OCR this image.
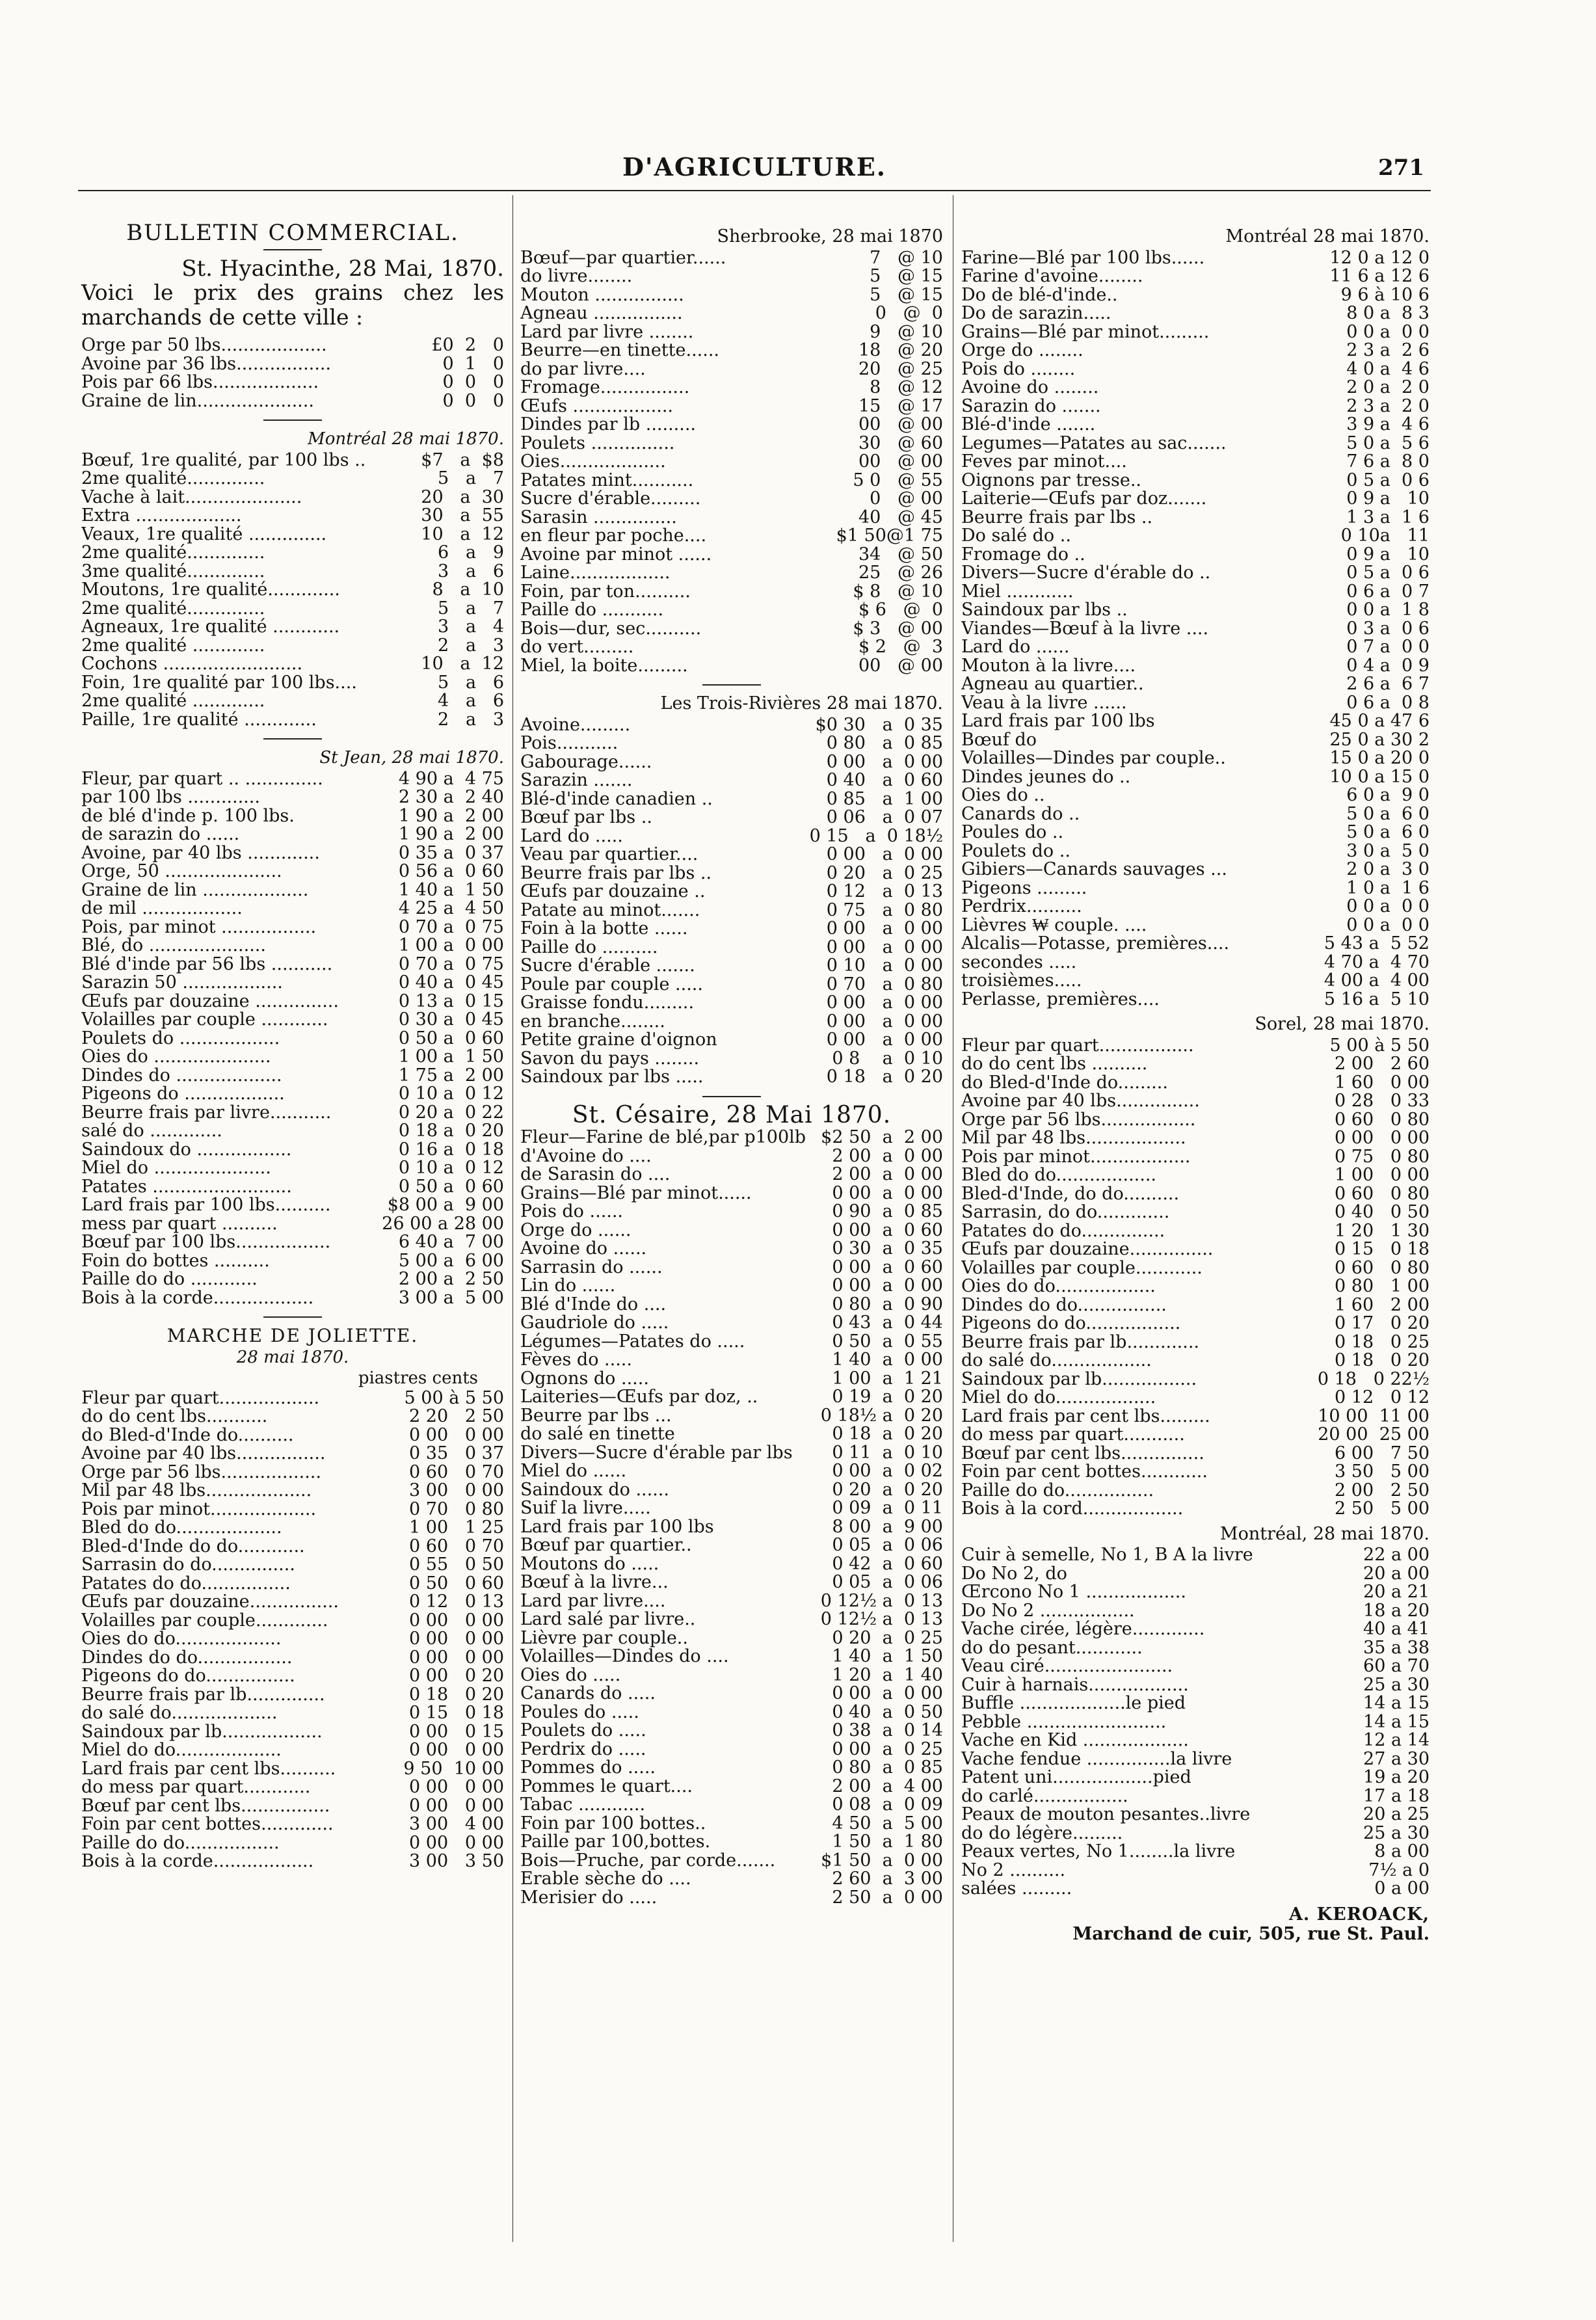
D'AGRICULTURE.	271
BULLETIN COMMERCIAL.
St. Hyacinthe, 28 Mai, 1870.
Voici le prix des grains chez les marchands de cette ville :
Orge par 50 lbs...................	£0  2   0
Avoine par 36 lbs.................	0  1   0
Pois par 66 lbs...................	0  0   0
Graine de lin.....................	0  0   0
Montréal 28 mai 1870.
Bœuf, 1re qualité, par 100 lbs ..	$7   a  $8
2me qualité..............	5   a   7
Vache à lait.....................	20   a  30
Extra ...................	30   a  55
Veaux, 1re qualité ..............	10   a  12
2me qualité..............	6   a   9
3me qualité..............	3   a   6
Moutons, 1re qualité.............	8   a  10
2me qualité..............	5   a   7
Agneaux, 1re qualité ............	3   a   4
2me qualité .............	2   a   3
Cochons .........................	10   a  12
Foin, 1re qualité par 100 lbs....	5   a   6
2me qualité .............	4   a   6
Paille, 1re qualité .............	2   a   3
St Jean, 28 mai 1870.
Fleur, par quart .. ..............	4 90 a  4 75
par 100 lbs .............	2 30 a  2 40
de blé d'inde p. 100 lbs.	1 90 a  2 00
de sarazin do ......	1 90 a  2 00
Avoine, par 40 lbs .............	0 35 a  0 37
Orge, 50 .....................	0 56 a  0 60
Graine de lin ...................	1 40 a  1 50
de mil ..................	4 25 a  4 50
Pois, par minot .................	0 70 a  0 75
Blé, do .....................	1 00 a  0 00
Blé d'inde par 56 lbs ...........	0 70 a  0 75
Sarazin 50 ..................	0 40 a  0 45
Œufs par douzaine ...............	0 13 a  0 15
Volailles par couple ............	0 30 a  0 45
Poulets do ..................	0 50 a  0 60
Oies do .....................	1 00 a  1 50
Dindes do ...................	1 75 a  2 00
Pigeons do ..................	0 10 a  0 12
Beurre frais par livre...........	0 20 a  0 22
salé do .............	0 18 a  0 20
Saindoux do .................	0 16 a  0 18
Miel do .....................	0 10 a  0 12
Patates .........................	0 50 a  0 60
Lard frais par 100 lbs..........	$8 00 a  9 00
mess par quart ..........	26 00 a 28 00
Bœuf par 100 lbs.................	6 40 a  7 00
Foin do bottes ..........	5 00 a  6 00
Paille do do ............	2 00 a  2 50
Bois à la corde..................	3 00 a  5 00
MARCHE DE JOLIETTE.
28 mai 1870.
piastres cents
Fleur par quart..................	5 00 à 5 50
do do cent lbs...........	2 20   2 50
do Bled-d'Inde do..........	0 00   0 00
Avoine par 40 lbs................	0 35   0 37
Orge par 56 lbs..................	0 60   0 70
Mil par 48 lbs...................	3 00   0 00
Pois par minot...................	0 70   0 80
Bled do do...................	1 00   1 25
Bled-d'Inde do do............	0 60   0 70
Sarrasin do do...............	0 55   0 50
Patates do do................	0 50   0 60
Œufs par douzaine................	0 12   0 13
Volailles par couple.............	0 00   0 00
Oies do do...................	0 00   0 00
Dindes do do.................	0 00   0 00
Pigeons do do................	0 00   0 20
Beurre frais par lb..............	0 18   0 20
do salé do...................	0 15   0 18
Saindoux par lb..................	0 00   0 15
Miel do do...................	0 00   0 00
Lard frais par cent lbs..........	9 50  10 00
do mess par quart............	0 00   0 00
Bœuf par cent lbs................	0 00   0 00
Foin par cent bottes.............	3 00   4 00
Paille do do.................	0 00   0 00
Bois à la corde..................	3 00   3 50
Sherbrooke, 28 mai 1870
Bœuf—par quartier......	7   @ 10
do livre........	5   @ 15
Mouton ................	5   @ 15
Agneau ................	0   @  0
Lard par livre ........	9   @ 10
Beurre—en tinette......	18   @ 20
do par livre....	20   @ 25
Fromage................	8   @ 12
Œufs ..................	15   @ 17
Dindes par lb .........	00   @ 00
Poulets ...............	30   @ 60
Oies...................	00   @ 00
Patates mint...........	5 0   @ 55
Sucre d'érable.........	0   @ 00
Sarasin ...............	40   @ 45
en fleur par poche....	$1 50@1 75
Avoine par minot ......	34   @ 50
Laine..................	25   @ 26
Foin, par ton..........	$ 8   @ 10
Paille do ...........	$ 6   @  0
Bois—dur, sec..........	$ 3   @ 00
do vert.........	$ 2   @  3
Miel, la boite.........	00   @ 00
Les Trois-Rivières 28 mai 1870.
Avoine.........	$0 30   a  0 35
Pois...........	0 80   a  0 85
Gabourage......	0 00   a  0 00
Sarazin .......	0 40   a  0 60
Blé-d'inde canadien ..	0 85   a  1 00
Bœuf par lbs ..	0 06   a  0 07
Lard do .....	0 15   a  0 18½
Veau par quartier....	0 00   a  0 00
Beurre frais par lbs ..	0 20   a  0 25
Œufs par douzaine ..	0 12   a  0 13
Patate au minot.......	0 75   a  0 80
Foin à la botte ......	0 00   a  0 00
Paille do ..........	0 00   a  0 00
Sucre d'érable .......	0 10   a  0 00
Poule par couple .....	0 70   a  0 80
Graisse fondu.........	0 00   a  0 00
en branche........	0 00   a  0 00
Petite graine d'oignon	0 00   a  0 00
Savon du pays ........	0 8    a  0 10
Saindoux par lbs .....	0 18   a  0 20
St. Césaire, 28 Mai 1870.
Fleur—Farine de blé,par p100lb $2 50  a  2 00
d'Avoine do ....	2 00  a  0 00
de Sarasin do ....	2 00  a  0 00
Grains—Blé par minot......	0 00  a  0 00
Pois do ......	0 90  a  0 85
Orge do ......	0 00  a  0 60
Avoine do ......	0 30  a  0 35
Sarrasin do ......	0 00  a  0 60
Lin do ......	0 00  a  0 00
Blé d'Inde do ....	0 80  a  0 90
Gaudriole do .....	0 43  a  0 44
Légumes—Patates do .....	0 50  a  0 55
Fèves do .....	1 40  a  0 00
Ognons do .....	1 00  a  1 21
Laiteries—Œufs par doz, ..	0 19  a  0 20
Beurre par lbs ...	0 18½ a  0 20
do salé en tinette	0 18  a  0 20
Divers—Sucre d'érable par lbs	0 11  a  0 10
Miel do ......	0 00  a  0 02
Saindoux do ......	0 20  a  0 20
Suif la livre.....	0 09  a  0 11
Lard frais par 100 lbs	8 00  a  9 00
Bœuf par quartier..	0 05  a  0 06
Moutons do .....	0 42  a  0 60
Bœuf à la livre...	0 05  a  0 06
Lard par livre....	0 12½ a  0 13
Lard salé par livre..	0 12½ a  0 13
Lièvre par couple..	0 20  a  0 25
Volailles—Dindes do ....	1 40  a  1 50
Oies do .....	1 20  a  1 40
Canards do .....	0 00  a  0 00
Poules do .....	0 40  a  0 50
Poulets do .....	0 38  a  0 14
Perdrix do .....	0 00  a  0 25
Pommes do .....	0 80  a  0 85
Pommes le quart....	2 00  a  4 00
Tabac ............	0 08  a  0 09
Foin par 100 bottes..	4 50  a  5 00
Paille par 100,bottes.	1 50  a  1 80
Bois—Pruche, par corde.......	$1 50  a  0 00
Erable sèche do ....	2 60  a  3 00
Merisier do .....	2 50  a  0 00
Montréal 28 mai 1870.
Farine—Blé par 100 lbs......	12 0 a 12 0
Farine d'avoine........	11 6 a 12 6
Do de blé-d'inde..	9 6 à 10 6
Do de sarazin.....	8 0 a  8 3
Grains—Blé par minot.........	0 0 a  0 0
Orge do ........	2 3 a  2 6
Pois do ........	4 0 a  4 6
Avoine do ........	2 0 a  2 0
Sarazin do .......	2 3 a  2 0
Blé-d'inde .......	3 9 a  4 6
Legumes—Patates au sac.......	5 0 a  5 6
Feves par minot....	7 6 a  8 0
Oignons par tresse..	0 5 a  0 6
Laiterie—Œufs par doz.......	0 9 a   10
Beurre frais par lbs ..	1 3 a  1 6
Do salé do ..	0 10a   11
Fromage do ..	0 9 a   10
Divers—Sucre d'érable do ..	0 5 a  0 6
Miel ............	0 6 a  0 7
Saindoux par lbs ..	0 0 a  1 8
Viandes—Bœuf à la livre ....	0 3 a  0 6
Lard do ......	0 7 a  0 0
Mouton à la livre....	0 4 a  0 9
Agneau au quartier..	2 6 a  6 7
Veau à la livre ......	0 6 a  0 8
Lard frais par 100 lbs	45 0 a 47 6
Bœuf do	25 0 a 30 2
Volailles—Dindes par couple..	15 0 a 20 0
Dindes jeunes do ..	10 0 a 15 0
Oies do ..	6 0 a  9 0
Canards do ..	5 0 a  6 0
Poules do ..	5 0 a  6 0
Poulets do ..	3 0 a  5 0
Gibiers—Canards sauvages ...	2 0 a  3 0
Pigeons .........	1 0 a  1 6
Perdrix..........	0 0 a  0 0
Lièvres ₩ couple. ....	0 0 a  0 0
Alcalis—Potasse, premières....	5 43 a  5 52
secondes .....	4 70 a  4 70
troisièmes.....	4 00 a  4 00
Perlasse, premières....	5 16 a  5 10
Sorel, 28 mai 1870.
Fleur par quart.................	5 00 à 5 50
do do cent lbs ..........	2 00   2 60
do Bled-d'Inde do.........	1 60   0 00
Avoine par 40 lbs...............	0 28   0 33
Orge par 56 lbs.................	0 60   0 80
Mil par 48 lbs..................	0 00   0 00
Pois par minot..................	0 75   0 80
Bled do do..................	1 00   0 00
Bled-d'Inde, do do..........	0 60   0 80
Sarrasin, do do.............	0 40   0 50
Patates do do...............	1 20   1 30
Œufs par douzaine...............	0 15   0 18
Volailles par couple............	0 60   0 80
Oies do do..................	0 80   1 00
Dindes do do................	1 60   2 00
Pigeons do do.................	0 17   0 20
Beurre frais par lb.............	0 18   0 25
do salé do..................	0 18   0 20
Saindoux par lb.................	0 18   0 22½
Miel do do..................	0 12   0 12
Lard frais par cent lbs.........	10 00  11 00
do mess par quart...........	20 00  25 00
Bœuf par cent lbs...............	6 00   7 50
Foin par cent bottes............	3 50   5 00
Paille do do................	2 00   2 50
Bois à la cord..................	2 50   5 00
Montréal, 28 mai 1870.
Cuir à semelle, No 1, B A la livre	22 a 00
Do No 2, do	20 a 00
Œrcono No 1 ..................	20 a 21
Do No 2 .................	18 a 20
Vache cirée, légère.............	40 a 41
do do pesant............	35 a 38
Veau ciré.......................	60 a 70
Cuir à harnais..................	25 a 30
Buffle ...................le pied	14 a 15
Pebble .........................	14 a 15
Vache en Kid ...................	12 a 14
Vache fendue ...............la livre	27 a 30
Patent uni..................pied	19 a 20
do carlé.................	17 a 18
Peaux de mouton pesantes..livre	20 a 25
do do légère.........	25 a 30
Peaux vertes, No 1........la livre	8 a 00
No 2 ..........	7½ a 0
salées .........	0 a 00
A. KEROACK,
Marchand de cuir, 505, rue St. Paul.
